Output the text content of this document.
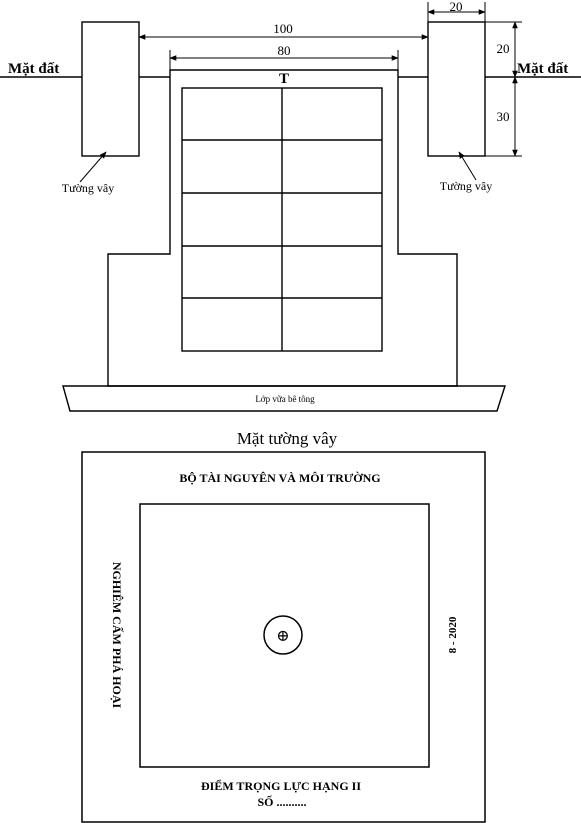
Mặt đất	Mặt đất
100
80
20
20
30
T
Tường vây	Tường vây
Lớp vữa bê tông
Mặt tường vây
⊕
BỘ TÀI NGUYÊN VÀ MÔI TRƯỜNG
NGHIÊM CẤM PHÁ HOẠI	8 - 2020
ĐIỂM TRỌNG LỰC HẠNG II
SỐ ..........
